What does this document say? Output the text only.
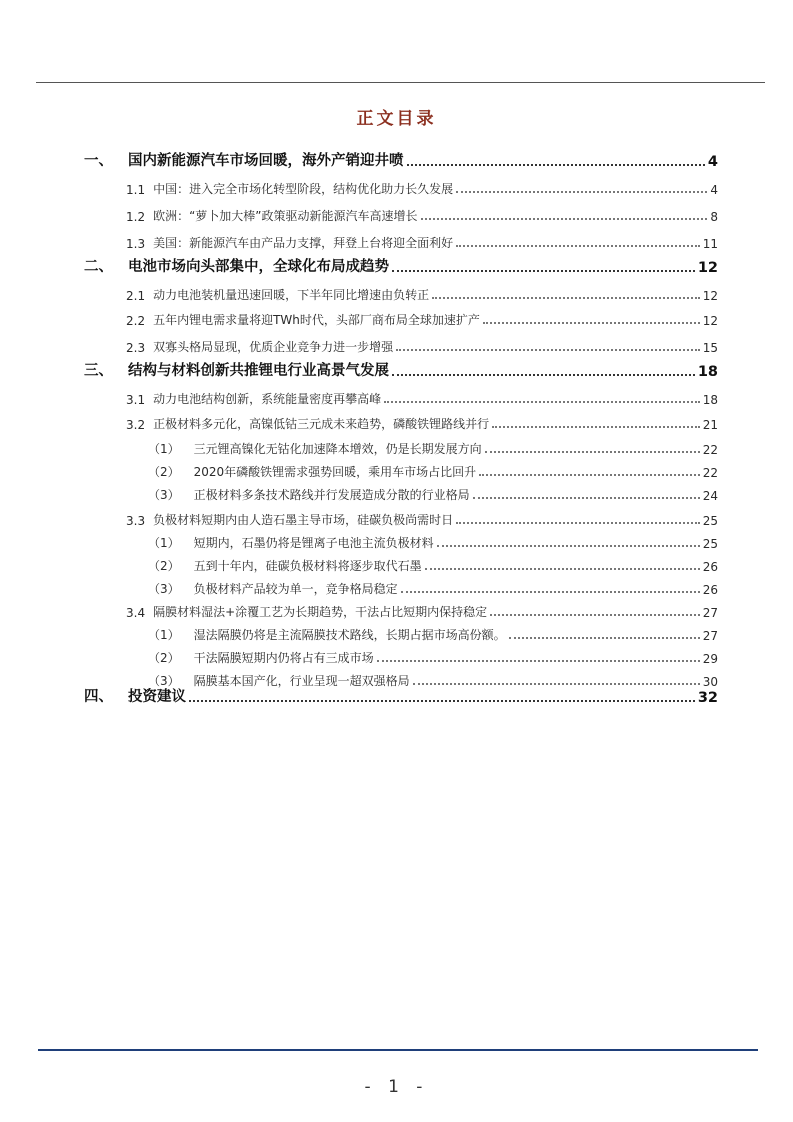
正文目录
一、	国内新能源汽车市场回暖，海外产销迎井喷	4
1.1 中国：进入完全市场化转型阶段，结构优化助力长久发展	4
1.2 欧洲：“萝卜加大棒”政策驱动新能源汽车高速增长	8
1.3 美国：新能源汽车由产品力支撑，拜登上台将迎全面利好	11
二、	电池市场向头部集中，全球化布局成趋势	12
2.1 动力电池装机量迅速回暖，下半年同比增速由负转正	12
2.2 五年内锂电需求量将迎TWh时代，头部厂商布局全球加速扩产	12
2.3 双寡头格局显现，优质企业竞争力进一步增强	15
三、	结构与材料创新共推锂电行业高景气发展	18
3.1 动力电池结构创新，系统能量密度再攀高峰	18
3.2 正极材料多元化，高镍低钴三元成未来趋势，磷酸铁锂路线并行	21
（1） 三元锂高镍化无钴化加速降本增效，仍是长期发展方向	22
（2） 2020年磷酸铁锂需求强势回暖，乘用车市场占比回升	22
（3） 正极材料多条技术路线并行发展造成分散的行业格局	24
3.3 负极材料短期内由人造石墨主导市场，硅碳负极尚需时日	25
（1） 短期内，石墨仍将是锂离子电池主流负极材料	25
（2） 五到十年内，硅碳负极材料将逐步取代石墨	26
（3） 负极材料产品较为单一，竞争格局稳定	26
3.4 隔膜材料湿法+涂覆工艺为长期趋势，干法占比短期内保持稳定	27
（1） 湿法隔膜仍将是主流隔膜技术路线，长期占据市场高份额。	27
（2） 干法隔膜短期内仍将占有三成市场	29
（3） 隔膜基本国产化，行业呈现一超双强格局	30
四、	投资建议	32
- 1 -
